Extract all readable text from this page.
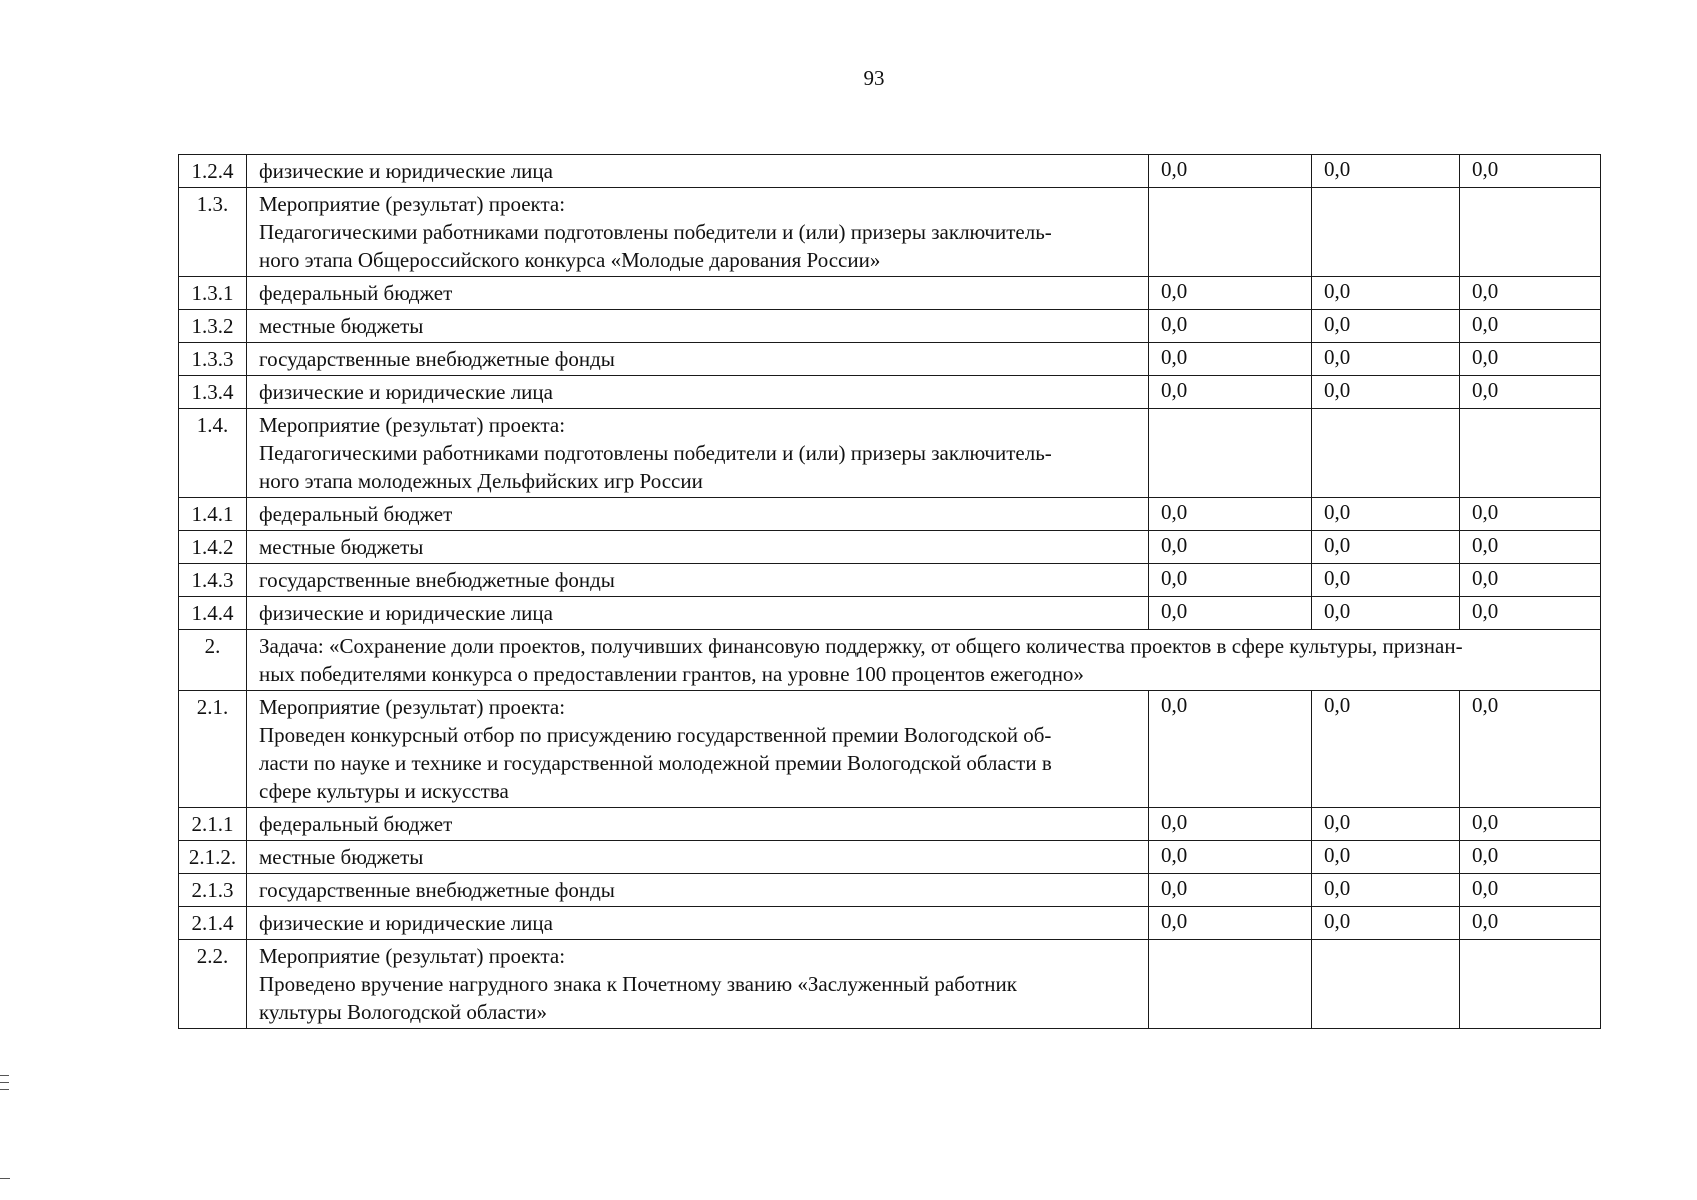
93
1.2.4	физические и юридические лица	0,0	0,0	0,0
1.3.	Мероприятие (результат) проекта:
Педагогическими работниками подготовлены победители и (или) призеры заключитель-
ного этапа Общероссийского конкурса «Молодые дарования России»			

1.3.1	федеральный бюджет	0,0	0,0	0,0
1.3.2	местные бюджеты	0,0	0,0	0,0
1.3.3	государственные внебюджетные фонды	0,0	0,0	0,0
1.3.4	физические и юридические лица	0,0	0,0	0,0
1.4.	Мероприятие (результат) проекта:
Педагогическими работниками подготовлены победители и (или) призеры заключитель-
ного этапа молодежных Дельфийских игр России			

1.4.1	федеральный бюджет	0,0	0,0	0,0
1.4.2	местные бюджеты	0,0	0,0	0,0
1.4.3	государственные внебюджетные фонды	0,0	0,0	0,0
1.4.4	физические и юридические лица	0,0	0,0	0,0
2.	Задача: «Сохранение доли проектов, получивших финансовую поддержку, от общего количества проектов в сфере культуры, признан-
ных победителями конкурса о предоставлении грантов, на уровне 100 процентов ежегодно»			

2.1.	Мероприятие (результат) проекта:
Проведен конкурсный отбор по присуждению государственной премии Вологодской об-
ласти по науке и технике и государственной молодежной премии Вологодской области в
сфере культуры и искусства	0,0	0,0	0,0
2.1.1	федеральный бюджет	0,0	0,0	0,0
2.1.2.	местные бюджеты	0,0	0,0	0,0
2.1.3	государственные внебюджетные фонды	0,0	0,0	0,0
2.1.4	физические и юридические лица	0,0	0,0	0,0
2.2.	Мероприятие (результат) проекта:
Проведено вручение нагрудного знака к Почетному званию «Заслуженный работник
культуры Вологодской области»			
